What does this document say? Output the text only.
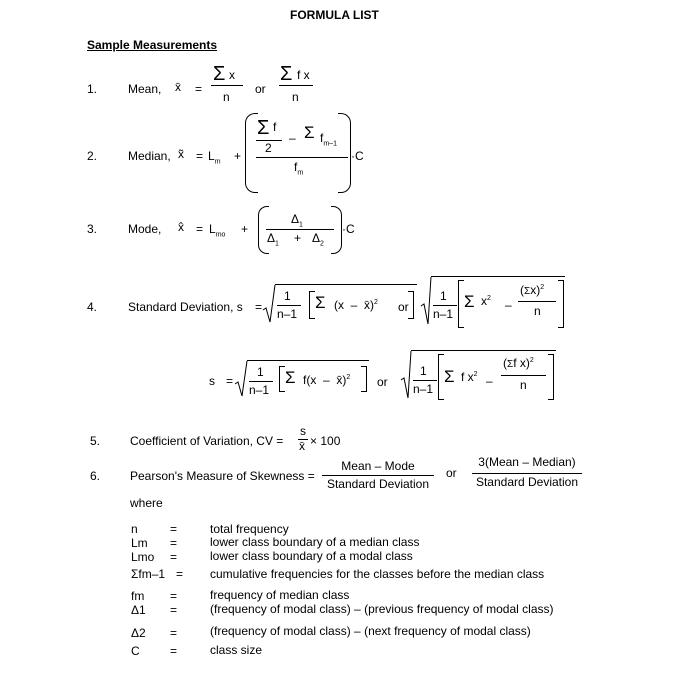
FORMULA LIST
Sample Measurements
1.	Mean, x̄ =
Σ x
n
or
Σ f x
n
2.	Median, x̃ = $L_m$ +
Σ f
2
– Σ $f_{m-1}$
$f_m$
·C
3.	Mode, x̂ = $L_{mo}$ +
$\Delta_1$
$\Delta_1 + \Delta_2$
·C
4.	Standard Deviation, s =
1
n–1
Σ (x  –  x̄)$^2$ or
1
n–1
Σ $x^2$ –
$(\Sigma x)^2$
n
s =
1
n–1
Σ f(x  –  x̄)$^2$ or
1
n–1
Σ f $x^2$ –
(Σf x)$^2$
n
5. Coefficient of Variation, CV =
s
x̄ × 100
6. Pearson's Measure of Skewness =
Mean – Mode
Standard Deviation
or
3(Mean – Median)
Standard Deviation
where
n	=	total frequency
Lm =	lower class boundary of a median class
Lmo =	lower class boundary of a modal class
Σfm–1 = cumulative frequencies for the classes before the median class
fm =	frequency of median class
Δ1 =	(frequency of modal class) – (previous frequency of modal class)
Δ2 =	(frequency of modal class) – (next frequency of modal class)
C	=	class size
